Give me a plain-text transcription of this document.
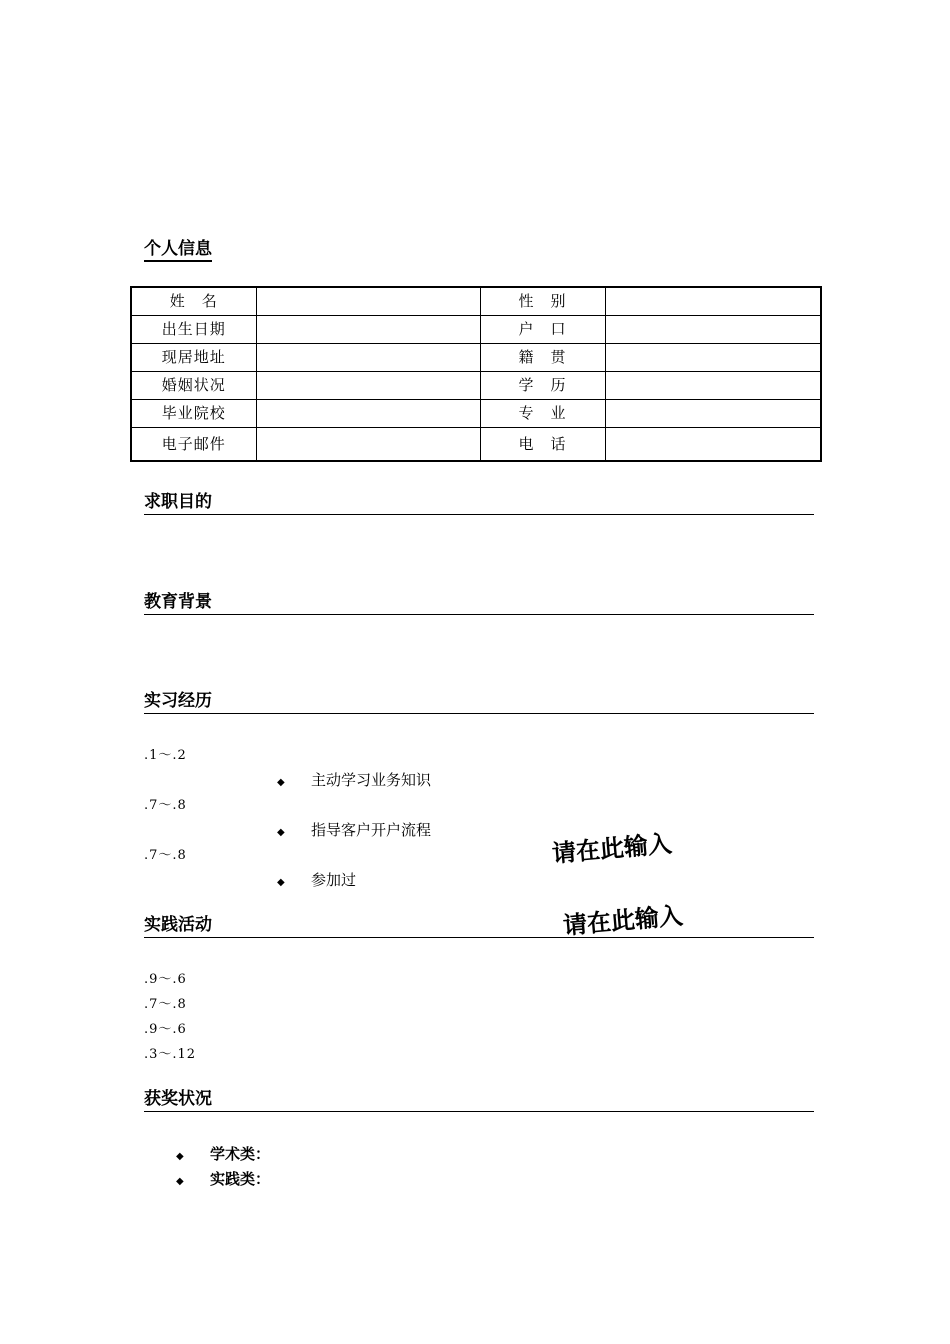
个人信息
姓　名		性　别	
出生日期		户　口	
现居地址		籍　贯	
婚姻状况		学　历	
毕业院校		专　业	
电子邮件		电　话	
求职目的
教育背景
实习经历
.1～.2
◆ 主动学习业务知识
.7～.8
◆ 指导客户开户流程
.7～.8
◆ 参加过
请在此输入
请在此输入
实践活动
.9～.6
.7～.8
.9～.6
.3～.12
获奖状况
◆ 学术类：
◆ 实践类：
